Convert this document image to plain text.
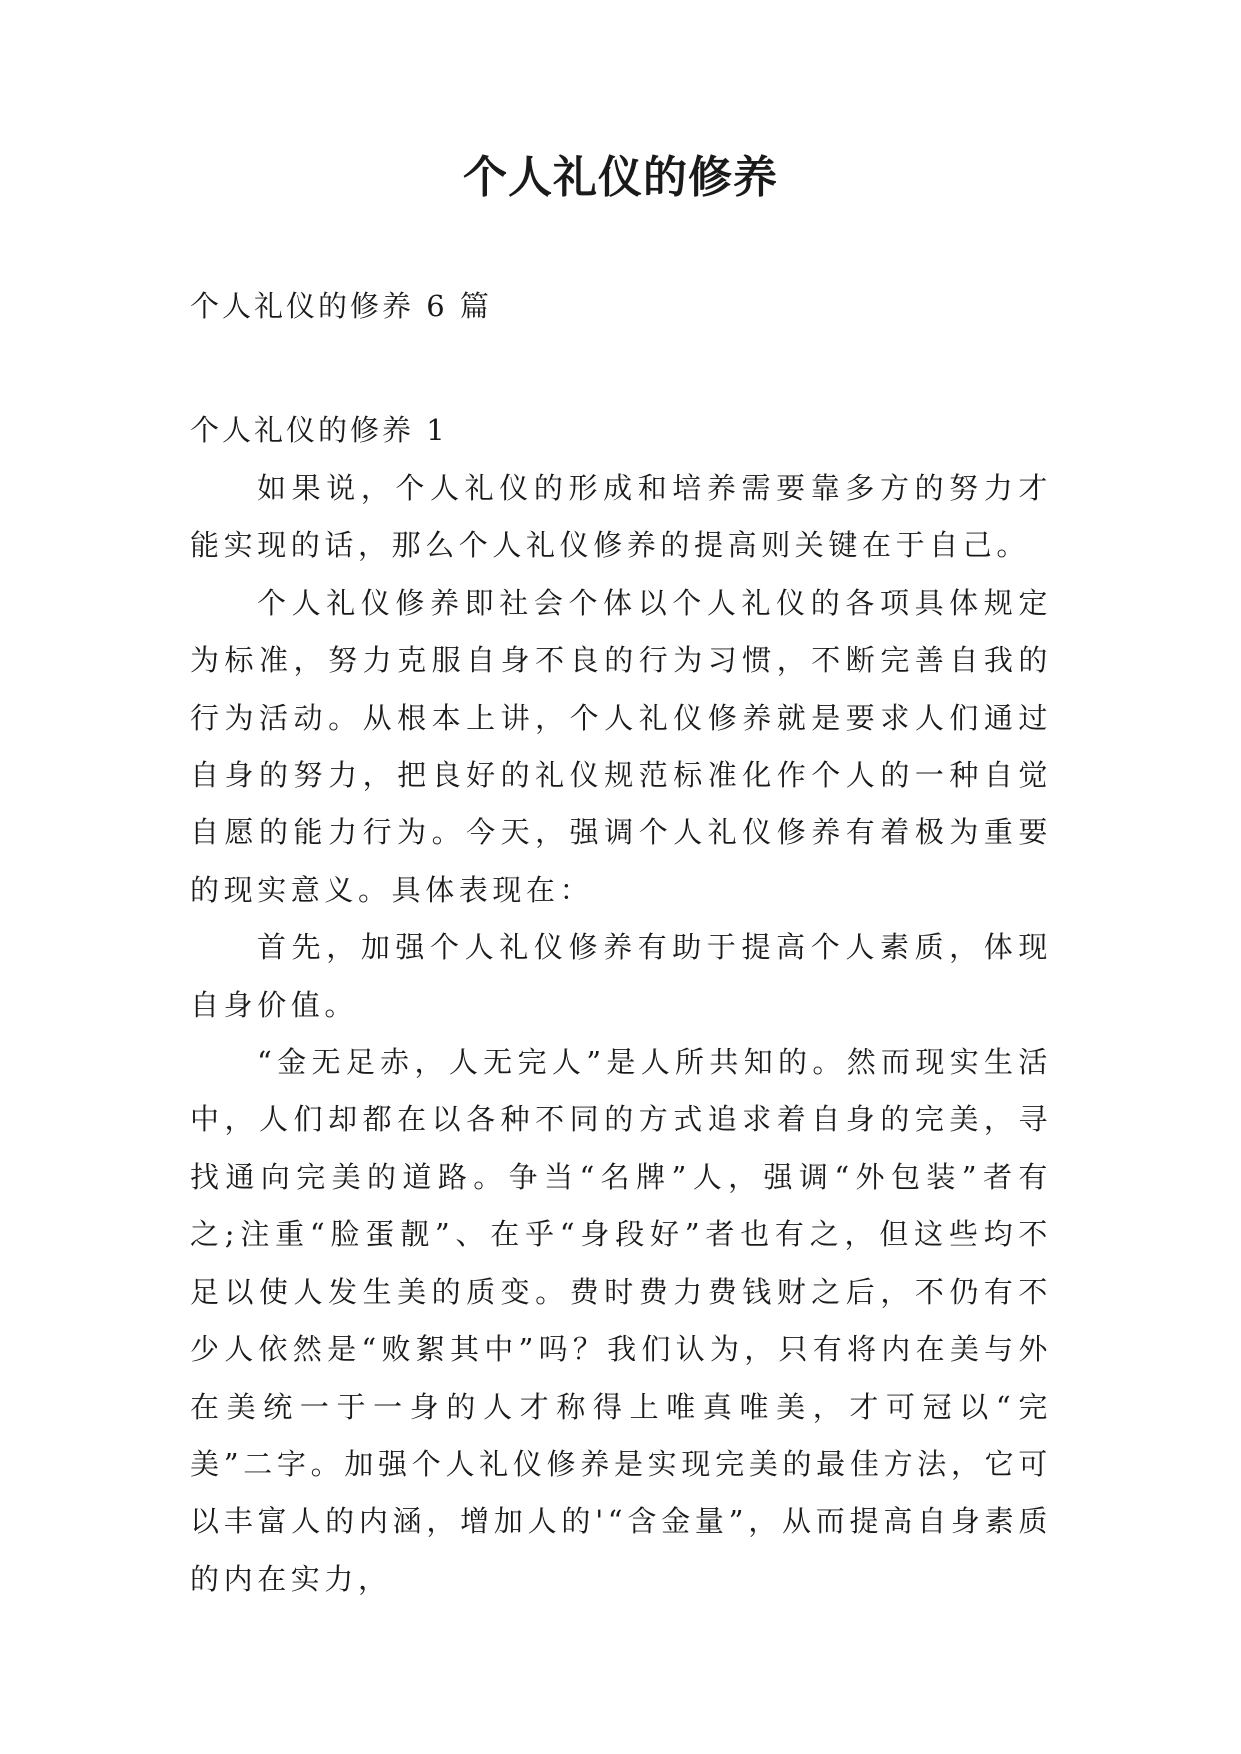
个人礼仪的修养
个人礼仪的修养 6 篇
个人礼仪的修养 1

如果说，个人礼仪的形成和培养需要靠多方的努力才能实现的话，那么个人礼仪修养的提高则关键在于自己。

个人礼仪修养即社会个体以个人礼仪的各项具体规定为标准，努力克服自身不良的行为习惯，不断完善自我的行为活动。从根本上讲，个人礼仪修养就是要求人们通过自身的努力，把良好的礼仪规范标准化作个人的一种自觉自愿的能力行为。今天，强调个人礼仪修养有着极为重要的现实意义。具体表现在：

首先，加强个人礼仪修养有助于提高个人素质，体现自身价值。

“金无足赤，人无完人”是人所共知的。然而现实生活中，人们却都在以各种不同的方式追求着自身的完美，寻找通向完美的道路。争当“名牌”人，强调“外包装”者有之;注重“脸蛋靓”、在乎“身段好”者也有之，但这些均不足以使人发生美的质变。费时费力费钱财之后，不仍有不少人依然是“败絮其中”吗？我们认为，只有将内在美与外在美统一于一身的人才称得上唯真唯美，才可冠以“完美”二字。加强个人礼仪修养是实现完美的最佳方法，它可以丰富人的内涵，增加人的'“含金量”，从而提高自身素质的内在实力，
